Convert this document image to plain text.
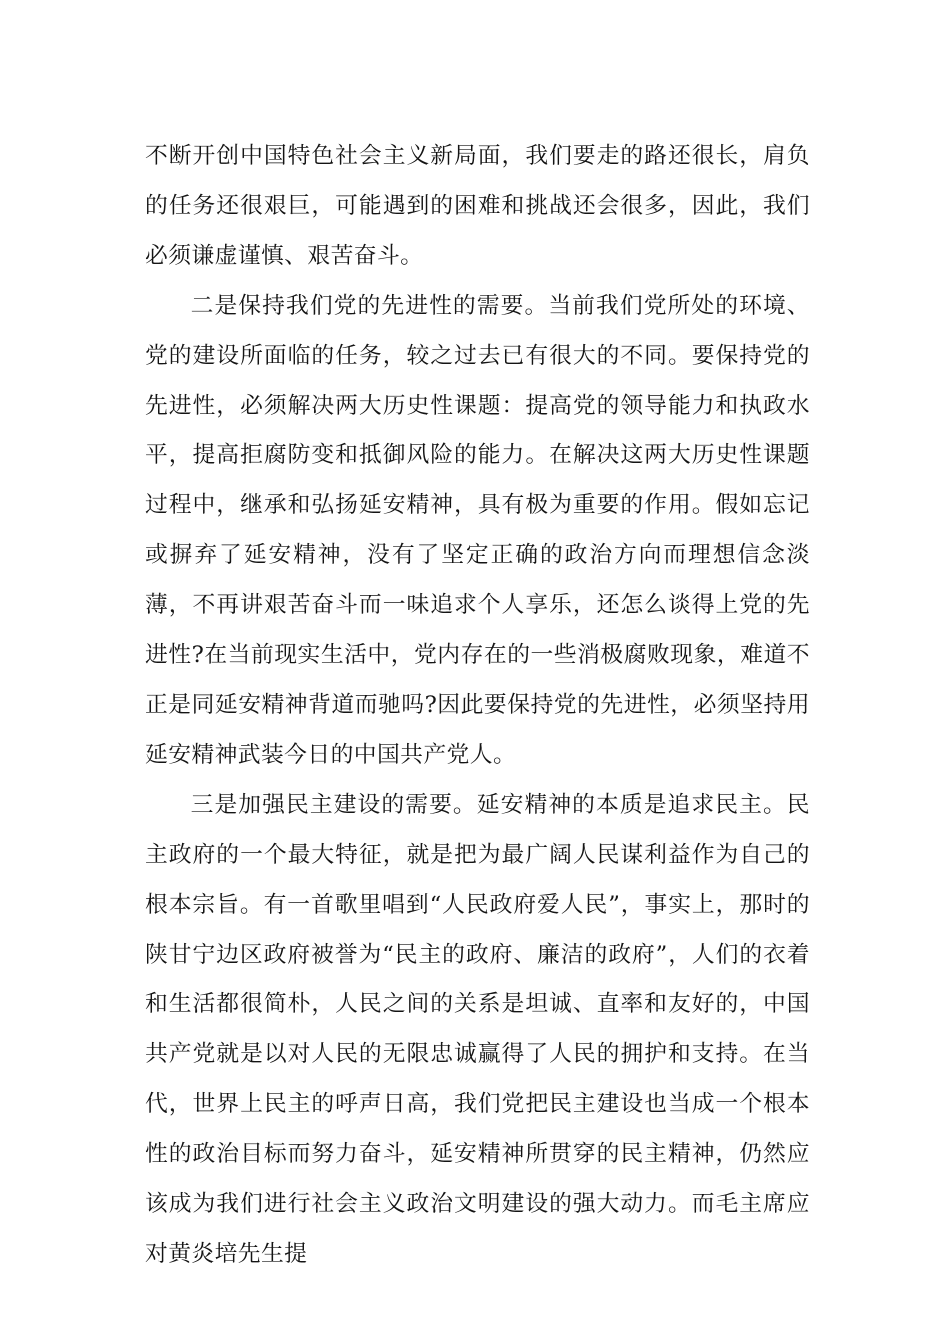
不断开创中国特色社会主义新局面，我们要走的路还很长，肩负的任务还很艰巨，可能遇到的困难和挑战还会很多，因此，我们必须谦虚谨慎、艰苦奋斗。

二是保持我们党的先进性的需要。当前我们党所处的环境、党的建设所面临的任务，较之过去已有很大的不同。要保持党的先进性，必须解决两大历史性课题：提高党的领导能力和执政水平，提高拒腐防变和抵御风险的能力。在解决这两大历史性课题过程中，继承和弘扬延安精神，具有极为重要的作用。假如忘记或摒弃了延安精神，没有了坚定正确的政治方向而理想信念淡薄，不再讲艰苦奋斗而一味追求个人享乐，还怎么谈得上党的先进性?在当前现实生活中，党内存在的一些消极腐败现象，难道不正是同延安精神背道而驰吗?因此要保持党的先进性，必须坚持用延安精神武装今日的中国共产党人。

三是加强民主建设的需要。延安精神的本质是追求民主。民主政府的一个最大特征，就是把为最广阔人民谋利益作为自己的根本宗旨。有一首歌里唱到“人民政府爱人民”，事实上，那时的陕甘宁边区政府被誉为“民主的政府、廉洁的政府”，人们的衣着和生活都很简朴，人民之间的关系是坦诚、直率和友好的，中国共产党就是以对人民的无限忠诚赢得了人民的拥护和支持。在当代，世界上民主的呼声日高，我们党把民主建设也当成一个根本性的政治目标而努力奋斗，延安精神所贯穿的民主精神，仍然应该成为我们进行社会主义政治文明建设的强大动力。而毛主席应对黄炎培先生提
